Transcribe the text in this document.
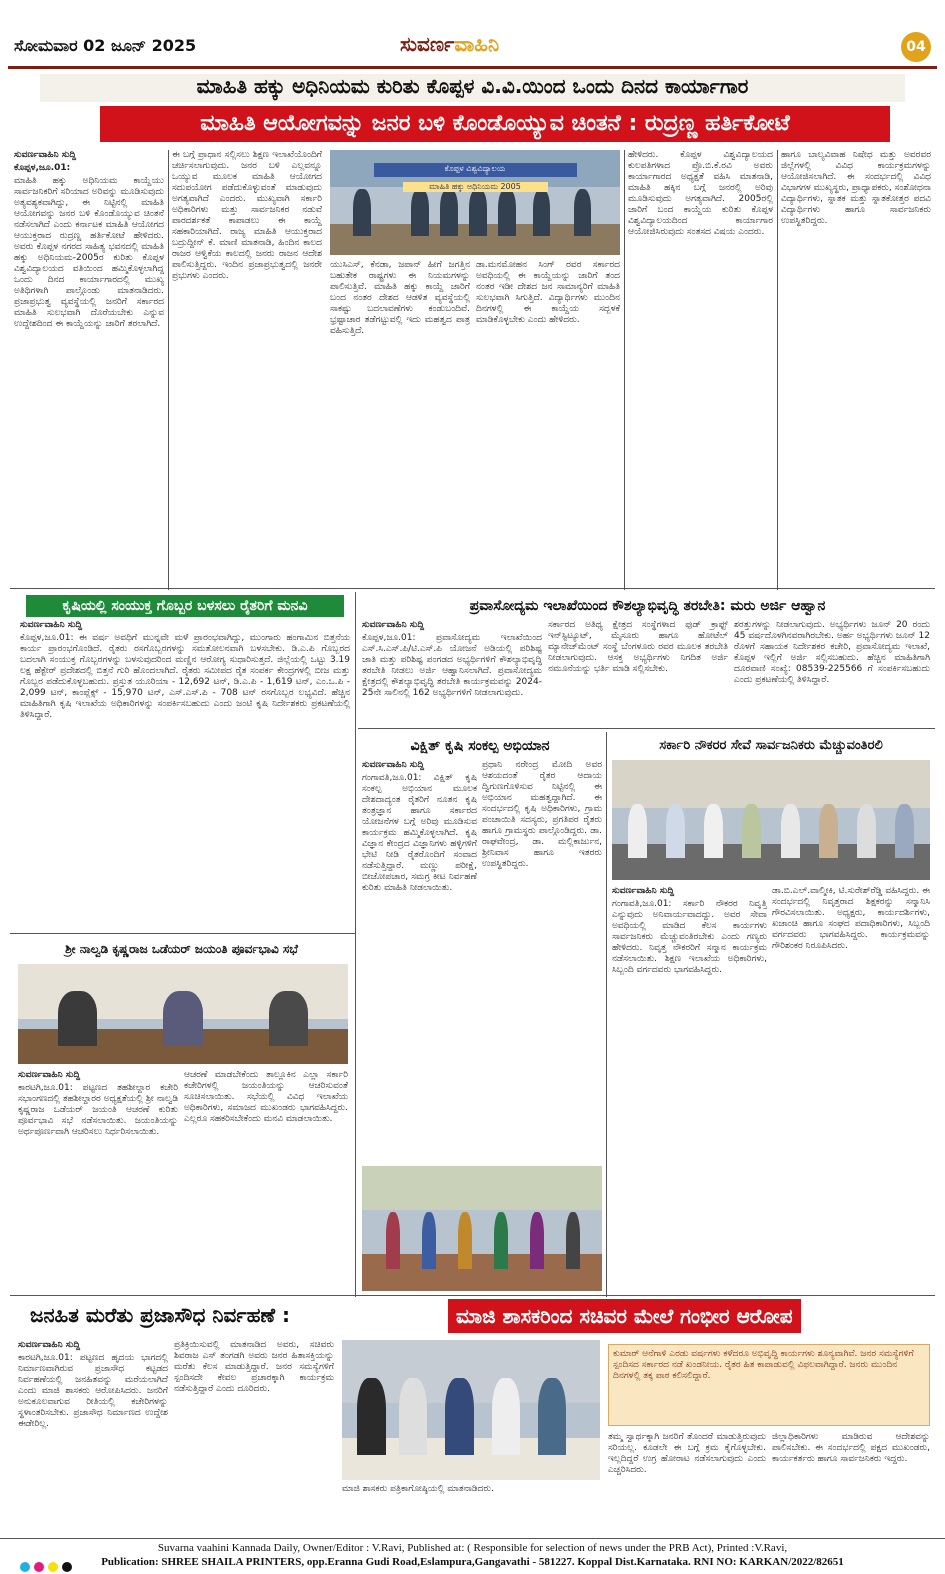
ಸೋಮವಾರ 02 ಜೂನ್ 2025	ಸುವರ್ಣವಾಹಿನಿ	04
ಮಾಹಿತಿ ಹಕ್ಕು ಅಧಿನಿಯಮ ಕುರಿತು ಕೊಪ್ಪಳ ವಿ.ವಿ.ಯಿಂದ ಒಂದು ದಿನದ ಕಾರ್ಯಾಗಾರ
ಮಾಹಿತಿ ಆಯೋಗವನ್ನು ಜನರ ಬಳಿ ಕೊಂಡೊಯ್ಯುವ ಚಿಂತನೆ : ರುದ್ರಣ್ಣ ಹರ್ತಿಕೋಟೆ
ಸುವರ್ಣವಾಹಿನಿ ಸುದ್ದಿ
ಕೊಪ್ಪಳ,ಜೂ.01:

ಮಾಹಿತಿ ಹಕ್ಕು ಅಧಿನಿಯಮ ಕಾಯ್ದೆಯು ಸಾರ್ವಜನಿಕರಿಗೆ ಸರಿಯಾದ ಅರಿವನ್ನು ಮೂಡಿಸುವುದು ಅತ್ಯವಶ್ಯಕವಾಗಿದ್ದು, ಈ ನಿಟ್ಟಿನಲ್ಲಿ ಮಾಹಿತಿ ಆಯೋಗವನ್ನು ಜನರ ಬಳಿ ಕೊಂಡೊಯ್ಯುವ ಚಿಂತನೆ ನಡೆಸಲಾಗಿದೆ ಎಂದು ಕರ್ನಾಟಕ ಮಾಹಿತಿ ಆಯೋಗದ ಆಯುಕ್ತರಾದ ರುದ್ರಣ್ಣ ಹರ್ತಿಕೋಟೆ ಹೇಳಿದರು. ಅವರು ಕೊಪ್ಪಳ ನಗರದ ಸಾಹಿತ್ಯ ಭವನದಲ್ಲಿ ಮಾಹಿತಿ ಹಕ್ಕು ಅಧಿನಿಯಮ-2005ರ ಕುರಿತು ಕೊಪ್ಪಳ ವಿಶ್ವವಿದ್ಯಾಲಯದ ವತಿಯಿಂದ ಹಮ್ಮಿಕೊಳ್ಳಲಾಗಿದ್ದ ಒಂದು ದಿನದ ಕಾರ್ಯಾಗಾರದಲ್ಲಿ ಮುಖ್ಯ ಅತಿಥಿಗಳಾಗಿ ಪಾಲ್ಗೊಂಡು ಮಾತನಾಡಿದರು. ಪ್ರಜಾಪ್ರಭುತ್ವ ವ್ಯವಸ್ಥೆಯಲ್ಲಿ ಜನರಿಗೆ ಸರ್ಕಾರದ ಮಾಹಿತಿ ಸುಲಭವಾಗಿ ದೊರೆಯಬೇಕು ಎನ್ನುವ ಉದ್ದೇಶದಿಂದ ಈ ಕಾಯ್ದೆಯನ್ನು ಜಾರಿಗೆ ತರಲಾಗಿದೆ.

ಈ ಬಗ್ಗೆ ಪ್ರಾಧಾನ ಸಲ್ಲಿಸಲು ಶಿಕ್ಷಣ ಇಲಾಖೆಯೊಂದಿಗೆ ಚರ್ಚಿಸಲಾಗುವುದು. ಜನರ ಬಳಿ ಎಲ್ಲವನ್ನೂ ಒಯ್ಯುವ ಮೂಲಕ ಮಾಹಿತಿ ಆಯೋಗದ ಸದುಪಯೋಗ ಪಡೆದುಕೊಳ್ಳುವಂತೆ ಮಾಡುವುದು ಅಗತ್ಯವಾಗಿದೆ ಎಂದರು. ಮುಖ್ಯವಾಗಿ ಸರ್ಕಾರಿ ಅಧಿಕಾರಿಗಳು ಮತ್ತು ಸಾರ್ವಜನಿಕರ ನಡುವೆ ಪಾರದರ್ಶಕತೆ ಕಾಪಾಡಲು ಈ ಕಾಯ್ದೆ ಸಹಕಾರಿಯಾಗಿದೆ. ರಾಜ್ಯ ಮಾಹಿತಿ ಆಯುಕ್ತರಾದ ಬದ್ರುದ್ದೀನ್ ಕೆ. ಮಾಣಿ ಮಾತನಾಡಿ, ಹಿಂದಿನ ಕಾಲದ ರಾಜರ ಆಳ್ವಿಕೆಯ ಕಾಲದಲ್ಲಿ ಜನರು ರಾಜನ ಆದೇಶ ಪಾಲಿಸುತ್ತಿದ್ದರು. ಇಂದಿನ ಪ್ರಜಾಪ್ರಭುತ್ವದಲ್ಲಿ ಜನರೇ ಪ್ರಭುಗಳು ಎಂದರು.

ಕೊಪ್ಪಳ ವಿಶ್ವವಿದ್ಯಾಲಯ
ಮಾಹಿತಿ ಹಕ್ಕು ಅಧಿನಿಯಮ 2005

ಯುಸಿಎಸ್, ಕೆನಡಾ, ಜಪಾನ್ ಹೀಗೆ ಜಗತ್ತಿನ ಬಹುತೇಕ ರಾಷ್ಟ್ರಗಳು ಈ ನಿಯಮಗಳನ್ನು ಪಾಲಿಸುತ್ತಿವೆ. ಮಾಹಿತಿ ಹಕ್ಕು ಕಾಯ್ದೆ ಜಾರಿಗೆ ಬಂದ ನಂತರ ದೇಶದ ಆಡಳಿತ ವ್ಯವಸ್ಥೆಯಲ್ಲಿ ಸಾಕಷ್ಟು ಬದಲಾವಣೆಗಳು ಕಂಡುಬಂದಿವೆ. ಭ್ರಷ್ಟಾಚಾರ ತಡೆಗಟ್ಟುವಲ್ಲಿ ಇದು ಮಹತ್ವದ ಪಾತ್ರ ವಹಿಸುತ್ತಿದೆ.

ಡಾ.ಮನಮೋಹನ ಸಿಂಗ್ ರವರ ಸರ್ಕಾರದ ಅವಧಿಯಲ್ಲಿ ಈ ಕಾಯ್ದೆಯನ್ನು ಜಾರಿಗೆ ತಂದ ನಂತರ ಇಡೀ ದೇಶದ ಜನ ಸಾಮಾನ್ಯರಿಗೆ ಮಾಹಿತಿ ಸುಲಭವಾಗಿ ಸಿಗುತ್ತಿದೆ. ವಿದ್ಯಾರ್ಥಿಗಳು ಮುಂದಿನ ದಿನಗಳಲ್ಲಿ ಈ ಕಾಯ್ದೆಯ ಸದ್ಬಳಕೆ ಮಾಡಿಕೊಳ್ಳಬೇಕು ಎಂದು ಹೇಳಿದರು.

ಹೇಳಿದರು. ಕೊಪ್ಪಳ ವಿಶ್ವವಿದ್ಯಾಲಯದ ಕುಲಪತಿಗಳಾದ ಪ್ರೊ.ಬಿ.ಕೆ.ರವಿ ಅವರು ಕಾರ್ಯಾಗಾರದ ಅಧ್ಯಕ್ಷತೆ ವಹಿಸಿ ಮಾತನಾಡಿ, ಮಾಹಿತಿ ಹಕ್ಕಿನ ಬಗ್ಗೆ ಜನರಲ್ಲಿ ಅರಿವು ಮೂಡಿಸುವುದು ಅಗತ್ಯವಾಗಿದೆ. 2005ರಲ್ಲಿ ಜಾರಿಗೆ ಬಂದ ಕಾಯ್ದೆಯ ಕುರಿತು ಕೊಪ್ಪಳ ವಿಶ್ವವಿದ್ಯಾಲಯದಿಂದ ಕಾರ್ಯಾಗಾರ ಆಯೋಜಿಸಿರುವುದು ಸಂತಸದ ವಿಷಯ ಎಂದರು.

ಹಾಗೂ ಬಾಲ್ಯವಿವಾಹ ನಿಷೇಧ ಮತ್ತು ಅವರವರ ಜಿಲ್ಲೆಗಳಲ್ಲಿ ವಿವಿಧ ಕಾರ್ಯಕ್ರಮಗಳನ್ನು ಆಯೋಜಿಸಲಾಗಿದೆ. ಈ ಸಂದರ್ಭದಲ್ಲಿ ವಿವಿಧ ವಿಭಾಗಗಳ ಮುಖ್ಯಸ್ಥರು, ಪ್ರಾಧ್ಯಾಪಕರು, ಸಂಶೋಧನಾ ವಿದ್ಯಾರ್ಥಿಗಳು, ಸ್ನಾತಕ ಮತ್ತು ಸ್ನಾತಕೋತ್ತರ ಪದವಿ ವಿದ್ಯಾರ್ಥಿಗಳು ಹಾಗೂ ಸಾರ್ವಜನಿಕರು ಉಪಸ್ಥಿತರಿದ್ದರು.

ಕೃಷಿಯಲ್ಲಿ ಸಂಯುಕ್ತ ಗೊಬ್ಬರ ಬಳಸಲು ರೈತರಿಗೆ ಮನವಿ
ಸುವರ್ಣವಾಹಿನಿ ಸುದ್ದಿ

ಕೊಪ್ಪಳ,ಜೂ.01: ಈ ವರ್ಷ ಅವಧಿಗೆ ಮುನ್ನವೇ ಮಳೆ ಪ್ರಾರಂಭವಾಗಿದ್ದು, ಮುಂಗಾರು ಹಂಗಾಮಿನ ಬಿತ್ತನೆಯ ಕಾರ್ಯ ಪ್ರಾರಂಭಗೊಂಡಿದೆ. ರೈತರು ರಸಗೊಬ್ಬರಗಳನ್ನು ಸಮತೋಲನವಾಗಿ ಬಳಸಬೇಕು. ಡಿ.ಎ.ಪಿ ಗೊಬ್ಬರದ ಬದಲಾಗಿ ಸಂಯುಕ್ತ ಗೊಬ್ಬರಗಳನ್ನು ಬಳಸುವುದರಿಂದ ಮಣ್ಣಿನ ಆರೋಗ್ಯ ಸುಧಾರಿಸುತ್ತದೆ. ಜಿಲ್ಲೆಯಲ್ಲಿ ಒಟ್ಟು 3.19 ಲಕ್ಷ ಹೆಕ್ಟೇರ್ ಪ್ರದೇಶದಲ್ಲಿ ಬಿತ್ತನೆ ಗುರಿ ಹೊಂದಲಾಗಿದೆ. ರೈತರು ಸಮೀಪದ ರೈತ ಸಂಪರ್ಕ ಕೇಂದ್ರಗಳಲ್ಲಿ ಬೀಜ ಮತ್ತು ಗೊಬ್ಬರ ಪಡೆದುಕೊಳ್ಳಬಹುದು. ಪ್ರಸ್ತುತ ಯೂರಿಯಾ - 12,692 ಟನ್, ಡಿ.ಎ.ಪಿ - 1,619 ಟನ್, ಎಂ.ಒ.ಪಿ - 2,099 ಟನ್, ಕಾಂಪ್ಲೆಕ್ಸ್ - 15,970 ಟನ್, ಎಸ್.ಎಸ್.ಪಿ - 708 ಟನ್ ರಸಗೊಬ್ಬರ ಲಭ್ಯವಿದೆ. ಹೆಚ್ಚಿನ ಮಾಹಿತಿಗಾಗಿ ಕೃಷಿ ಇಲಾಖೆಯ ಅಧಿಕಾರಿಗಳನ್ನು ಸಂಪರ್ಕಿಸಬಹುದು ಎಂದು ಜಂಟಿ ಕೃಷಿ ನಿರ್ದೇಶಕರು ಪ್ರಕಟಣೆಯಲ್ಲಿ ತಿಳಿಸಿದ್ದಾರೆ.

ಪ್ರವಾಸೋದ್ಯಮ ಇಲಾಖೆಯಿಂದ ಕೌಶಲ್ಯಾಭಿವೃದ್ಧಿ ತರಬೇತಿ: ಮರು ಅರ್ಜಿ ಆಹ್ವಾನ
ಸುವರ್ಣವಾಹಿನಿ ಸುದ್ದಿ

ಕೊಪ್ಪಳ,ಜೂ.01: ಪ್ರವಾಸೋದ್ಯಮ ಇಲಾಖೆಯಿಂದ ಎಸ್.ಸಿ.ಎಸ್.ಪಿ/ಟಿ.ಎಸ್.ಪಿ ಯೋಜನೆ ಅಡಿಯಲ್ಲಿ ಪರಿಶಿಷ್ಟ ಜಾತಿ ಮತ್ತು ಪರಿಶಿಷ್ಟ ಪಂಗಡದ ಅಭ್ಯರ್ಥಿಗಳಿಗೆ ಕೌಶಲ್ಯಾಭಿವೃದ್ಧಿ ತರಬೇತಿ ನೀಡಲು ಅರ್ಜಿ ಆಹ್ವಾನಿಸಲಾಗಿದೆ. ಪ್ರವಾಸೋದ್ಯಮ ಕ್ಷೇತ್ರದಲ್ಲಿ ಕೌಶಲ್ಯಾಭಿವೃದ್ಧಿ ತರಬೇತಿ ಕಾರ್ಯಕ್ರಮವನ್ನು 2024-25ನೇ ಸಾಲಿನಲ್ಲಿ 162 ಅಭ್ಯರ್ಥಿಗಳಿಗೆ ನೀಡಲಾಗುವುದು.

ಸರ್ಕಾರದ ಅತಿಥ್ಯ ಕ್ಷೇತ್ರದ ಸಂಸ್ಥೆಗಳಾದ ಫುಡ್ ಕ್ರಾಫ್ಟ್ ಇನ್‌ಸ್ಟಿಟ್ಯೂಟ್, ಮೈಸೂರು ಹಾಗೂ ಹೋಟೆಲ್ ಮ್ಯಾನೇಜ್‌ಮೆಂಟ್ ಸಂಸ್ಥೆ ಬೆಂಗಳೂರು ರವರ ಮೂಲಕ ತರಬೇತಿ ನೀಡಲಾಗುವುದು. ಆಸಕ್ತ ಅಭ್ಯರ್ಥಿಗಳು ನಿಗದಿತ ಅರ್ಜಿ ನಮೂನೆಯನ್ನು ಭರ್ತಿ ಮಾಡಿ ಸಲ್ಲಿಸಬೇಕು.

ಶರತ್ತುಗಳನ್ನು ನೀಡಲಾಗುವುದು. ಅಭ್ಯರ್ಥಿಗಳು ಜೂನ್ 20 ರಂದು 45 ವರ್ಷದೊಳಗಿನವರಾಗಿರಬೇಕು. ಅರ್ಹ ಅಭ್ಯರ್ಥಿಗಳು ಜೂನ್ 12 ರೊಳಗೆ ಸಹಾಯಕ ನಿರ್ದೇಶಕರ ಕಚೇರಿ, ಪ್ರವಾಸೋದ್ಯಮ ಇಲಾಖೆ, ಕೊಪ್ಪಳ ಇಲ್ಲಿಗೆ ಅರ್ಜಿ ಸಲ್ಲಿಸಬಹುದು. ಹೆಚ್ಚಿನ ಮಾಹಿತಿಗಾಗಿ ದೂರವಾಣಿ ಸಂಖ್ಯೆ: 08539-225566 ಗೆ ಸಂಪರ್ಕಿಸಬಹುದು ಎಂದು ಪ್ರಕಟಣೆಯಲ್ಲಿ ತಿಳಿಸಿದ್ದಾರೆ.

ವಿಕ್ಷಿತ್ ಕೃಷಿ ಸಂಕಲ್ಪ ಅಭಿಯಾನ
ಸುವರ್ಣವಾಹಿನಿ ಸುದ್ದಿ

ಗಂಗಾವತಿ,ಜೂ.01: ವಿಕ್ಷಿತ್ ಕೃಷಿ ಸಂಕಲ್ಪ ಅಭಿಯಾನ ಮೂಲಕ ದೇಶದಾದ್ಯಂತ ರೈತರಿಗೆ ನೂತನ ಕೃಷಿ ತಂತ್ರಜ್ಞಾನ ಹಾಗೂ ಸರ್ಕಾರದ ಯೋಜನೆಗಳ ಬಗ್ಗೆ ಅರಿವು ಮೂಡಿಸುವ ಕಾರ್ಯಕ್ರಮ ಹಮ್ಮಿಕೊಳ್ಳಲಾಗಿದೆ. ಕೃಷಿ ವಿಜ್ಞಾನ ಕೇಂದ್ರದ ವಿಜ್ಞಾನಿಗಳು ಹಳ್ಳಿಗಳಿಗೆ ಭೇಟಿ ನೀಡಿ ರೈತರೊಂದಿಗೆ ಸಂವಾದ ನಡೆಸುತ್ತಿದ್ದಾರೆ. ಮಣ್ಣು ಪರೀಕ್ಷೆ, ಬೀಜೋಪಚಾರ, ಸಮಗ್ರ ಕೀಟ ನಿರ್ವಹಣೆ ಕುರಿತು ಮಾಹಿತಿ ನೀಡಲಾಯಿತು.

ಪ್ರಧಾನಿ ನರೇಂದ್ರ ಮೋದಿ ಅವರ ಆಶಯದಂತೆ ರೈತರ ಆದಾಯ ದ್ವಿಗುಣಗೊಳಿಸುವ ನಿಟ್ಟಿನಲ್ಲಿ ಈ ಅಭಿಯಾನ ಮಹತ್ವದ್ದಾಗಿದೆ. ಈ ಸಂದರ್ಭದಲ್ಲಿ ಕೃಷಿ ಅಧಿಕಾರಿಗಳು, ಗ್ರಾಮ ಪಂಚಾಯಿತಿ ಸದಸ್ಯರು, ಪ್ರಗತಿಪರ ರೈತರು ಹಾಗೂ ಗ್ರಾಮಸ್ಥರು ಪಾಲ್ಗೊಂಡಿದ್ದರು. ಡಾ. ರಾಘವೇಂದ್ರ, ಡಾ. ಮಲ್ಲಿಕಾರ್ಜುನ, ಶ್ರೀನಿವಾಸ ಹಾಗೂ ಇತರರು ಉಪಸ್ಥಿತರಿದ್ದರು.

ಸರ್ಕಾರಿ ನೌಕರರ ಸೇವೆ ಸಾರ್ವಜನಿಕರು ಮೆಚ್ಚುವಂತಿರಲಿ
ಸುವರ್ಣವಾಹಿನಿ ಸುದ್ದಿ

ಗಂಗಾವತಿ,ಜೂ.01: ಸರ್ಕಾರಿ ನೌಕರರ ನಿವೃತ್ತಿ ಎನ್ನುವುದು ಅನಿವಾರ್ಯವಾದದ್ದು. ಅವರ ಸೇವಾ ಅವಧಿಯಲ್ಲಿ ಮಾಡಿದ ಕೆಲಸ ಕಾರ್ಯಗಳು ಸಾರ್ವಜನಿಕರು ಮೆಚ್ಚುವಂತಿರಬೇಕು ಎಂದು ಗಣ್ಯರು ಹೇಳಿದರು. ನಿವೃತ್ತ ನೌಕರರಿಗೆ ಸನ್ಮಾನ ಕಾರ್ಯಕ್ರಮ ನಡೆಸಲಾಯಿತು. ಶಿಕ್ಷಣ ಇಲಾಖೆಯ ಅಧಿಕಾರಿಗಳು, ಸಿಬ್ಬಂದಿ ವರ್ಗದವರು ಭಾಗವಹಿಸಿದ್ದರು.

ಡಾ.ಬಿ.ಎಲ್.ವಾಲ್ಮೀಕಿ, ಟಿ.ಸುರೇಶ್‌ರೆಡ್ಡಿ ವಹಿಸಿದ್ದರು. ಈ ಸಂದರ್ಭದಲ್ಲಿ ನಿವೃತ್ತರಾದ ಶಿಕ್ಷಕರನ್ನು ಸನ್ಮಾನಿಸಿ ಗೌರವಿಸಲಾಯಿತು. ಅಧ್ಯಕ್ಷರು, ಕಾರ್ಯದರ್ಶಿಗಳು, ಖಜಾಂಚಿ ಹಾಗೂ ಸಂಘದ ಪದಾಧಿಕಾರಿಗಳು, ಸಿಬ್ಬಂದಿ ವರ್ಗದವರು ಭಾಗವಹಿಸಿದ್ದರು. ಕಾರ್ಯಕ್ರಮವನ್ನು ಗೌರಿಶಂಕರ ನಿರೂಪಿಸಿದರು.

ಶ್ರೀ ನಾಲ್ವಡಿ ಕೃಷ್ಣರಾಜ ಒಡೆಯರ್ ಜಯಂತಿ ಪೂರ್ವಭಾವಿ ಸಭೆ
ಸುವರ್ಣವಾಹಿನಿ ಸುದ್ದಿ

ಕಾರಟಗಿ,ಜೂ.01: ಪಟ್ಟಣದ ತಹಶೀಲ್ದಾರ ಕಚೇರಿ ಸಭಾಂಗಣದಲ್ಲಿ ತಹಶೀಲ್ದಾರರ ಅಧ್ಯಕ್ಷತೆಯಲ್ಲಿ ಶ್ರೀ ನಾಲ್ವಡಿ ಕೃಷ್ಣರಾಜ ಒಡೆಯರ್ ಜಯಂತಿ ಆಚರಣೆ ಕುರಿತು ಪೂರ್ವಭಾವಿ ಸಭೆ ನಡೆಸಲಾಯಿತು. ಜಯಂತಿಯನ್ನು ಅರ್ಥಪೂರ್ಣವಾಗಿ ಆಚರಿಸಲು ನಿರ್ಧರಿಸಲಾಯಿತು.

ಆಚರಣೆ ಮಾಡಬೇಕೆಂದು ತಾಲ್ಲೂಕಿನ ಎಲ್ಲಾ ಸರ್ಕಾರಿ ಕಚೇರಿಗಳಲ್ಲಿ ಜಯಂತಿಯನ್ನು ಆಚರಿಸುವಂತೆ ಸೂಚಿಸಲಾಯಿತು. ಸಭೆಯಲ್ಲಿ ವಿವಿಧ ಇಲಾಖೆಯ ಅಧಿಕಾರಿಗಳು, ಸಮಾಜದ ಮುಖಂಡರು ಭಾಗವಹಿಸಿದ್ದರು. ಎಲ್ಲರೂ ಸಹಕರಿಸಬೇಕೆಂದು ಮನವಿ ಮಾಡಲಾಯಿತು.

ಜನಹಿತ ಮರೆತು ಪ್ರಜಾಸೌಧ ನಿರ್ವಹಣೆ :	ಮಾಜಿ ಶಾಸಕರಿಂದ ಸಚಿವರ ಮೇಲೆ ಗಂಭೀರ ಆರೋಪ
ಸುವರ್ಣವಾಹಿನಿ ಸುದ್ದಿ

ಕಾರಟಗಿ,ಜೂ.01: ಪಟ್ಟಣದ ಹೃದಯ ಭಾಗದಲ್ಲಿ ನಿರ್ಮಾಣವಾಗಿರುವ ಪ್ರಜಾಸೌಧ ಕಟ್ಟಡದ ನಿರ್ವಹಣೆಯಲ್ಲಿ ಜನಹಿತವನ್ನು ಮರೆಯಲಾಗಿದೆ ಎಂದು ಮಾಜಿ ಶಾಸಕರು ಆರೋಪಿಸಿದರು. ಜನರಿಗೆ ಅನುಕೂಲವಾಗುವ ರೀತಿಯಲ್ಲಿ ಕಚೇರಿಗಳನ್ನು ಸ್ಥಳಾಂತರಿಸಬೇಕು. ಪ್ರಜಾಸೌಧ ನಿರ್ಮಾಣದ ಉದ್ದೇಶ ಈಡೇರಿಲ್ಲ.

ಪ್ರತಿಕ್ರಿಯಿಸುವಲ್ಲಿ ಮಾತನಾಡಿದ ಅವರು, ಸಚಿವರು ಶಿವರಾಜ ಎಸ್ ತಂಗಡಗಿ ಅವರು ಜನರ ಹಿತಾಸಕ್ತಿಯನ್ನು ಮರೆತು ಕೆಲಸ ಮಾಡುತ್ತಿದ್ದಾರೆ. ಜನರ ಸಮಸ್ಯೆಗಳಿಗೆ ಸ್ಪಂದಿಸದೇ ಕೇವಲ ಪ್ರಚಾರಕ್ಕಾಗಿ ಕಾರ್ಯಕ್ರಮ ನಡೆಸುತ್ತಿದ್ದಾರೆ ಎಂದು ದೂರಿದರು.

ಮಾಜಿ ಶಾಸಕರು ಪತ್ರಿಕಾಗೋಷ್ಠಿಯಲ್ಲಿ ಮಾತನಾಡಿದರು.

ಕುಮಾರ್ ಆನೆಗಾಳಿ ಎರಡು ವರ್ಷಗಳು ಕಳೆದರೂ ಅಭಿವೃದ್ಧಿ ಕಾರ್ಯಗಳು ಶೂನ್ಯವಾಗಿವೆ. ಜನರ ಸಮಸ್ಯೆಗಳಿಗೆ ಸ್ಪಂದಿಸದ ಸರ್ಕಾರದ ನಡೆ ಖಂಡನೀಯ. ರೈತರ ಹಿತ ಕಾಪಾಡುವಲ್ಲಿ ವಿಫಲವಾಗಿದ್ದಾರೆ. ಜನರು ಮುಂದಿನ ದಿನಗಳಲ್ಲಿ ತಕ್ಕ ಪಾಠ ಕಲಿಸಲಿದ್ದಾರೆ.

ತಮ್ಮ ಸ್ವಾರ್ಥಕ್ಕಾಗಿ ಜನರಿಗೆ ತೊಂದರೆ ಮಾಡುತ್ತಿರುವುದು ಸರಿಯಲ್ಲ. ಕೂಡಲೇ ಈ ಬಗ್ಗೆ ಕ್ರಮ ಕೈಗೊಳ್ಳಬೇಕು. ಇಲ್ಲದಿದ್ದರೆ ಉಗ್ರ ಹೋರಾಟ ನಡೆಸಲಾಗುವುದು ಎಂದು ಎಚ್ಚರಿಸಿದರು.

ಜಿಲ್ಲಾಧಿಕಾರಿಗಳು ಮಾಡಿರುವ ಆದೇಶವನ್ನು ಪಾಲಿಸಬೇಕು. ಈ ಸಂದರ್ಭದಲ್ಲಿ ಪಕ್ಷದ ಮುಖಂಡರು, ಕಾರ್ಯಕರ್ತರು ಹಾಗೂ ಸಾರ್ವಜನಿಕರು ಇದ್ದರು.

Suvarna vaahini Kannada Daily, Owner/Editor : V.Ravi, Published at: ( Responsible for selection of news under the PRB Act), Printed :V.Ravi,
Publication: SHREE SHAILA PRINTERS, opp.Eranna Gudi Road,Eslampura,Gangavathi - 581227. Koppal Dist.Karnataka. RNI NO: KARKAN/2022/82651
